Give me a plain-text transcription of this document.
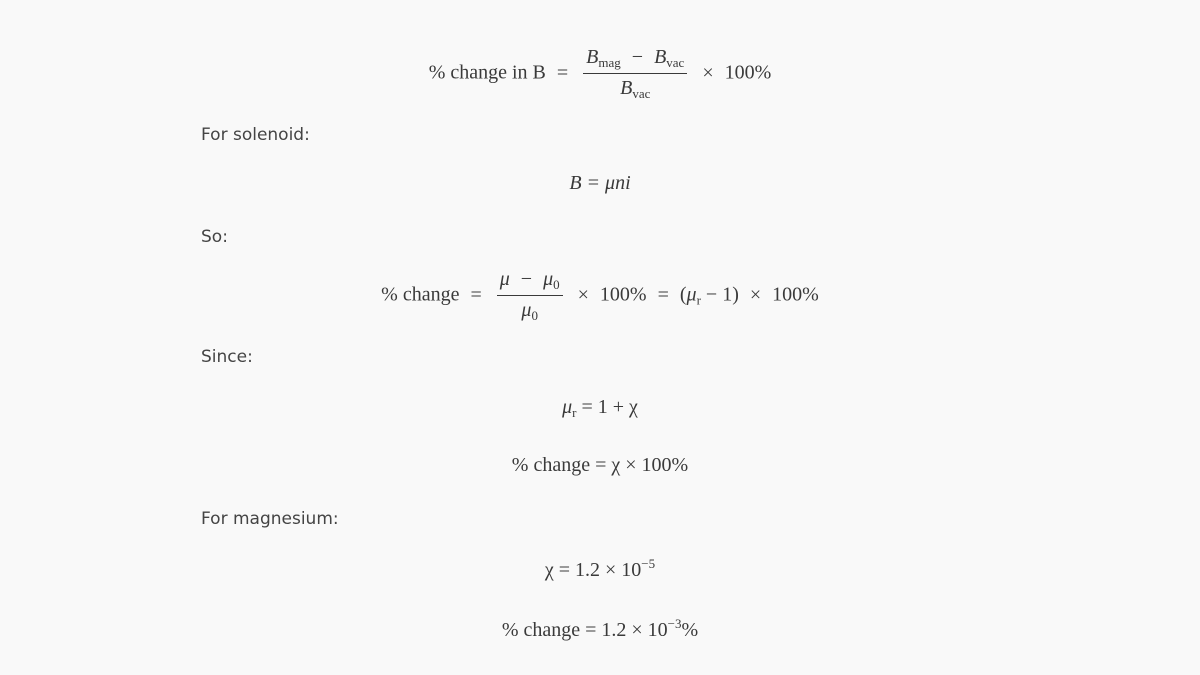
% change in $B = \frac{B_{mag} - B_{vac}}{B_{vac}} \times 100\%$
For solenoid:
B = μni
So:
% change = $\frac{\mu - \mu_0}{\mu_0} \times 100\% = (\mu_r - 1) \times 100\%$
Since:
$\mu_r = 1 + \chi$
% change = χ × 100%
For magnesium:
$\chi = 1.2 \times 10^{-5}$
% change = $1.2 \times 10^{-3}\%$
